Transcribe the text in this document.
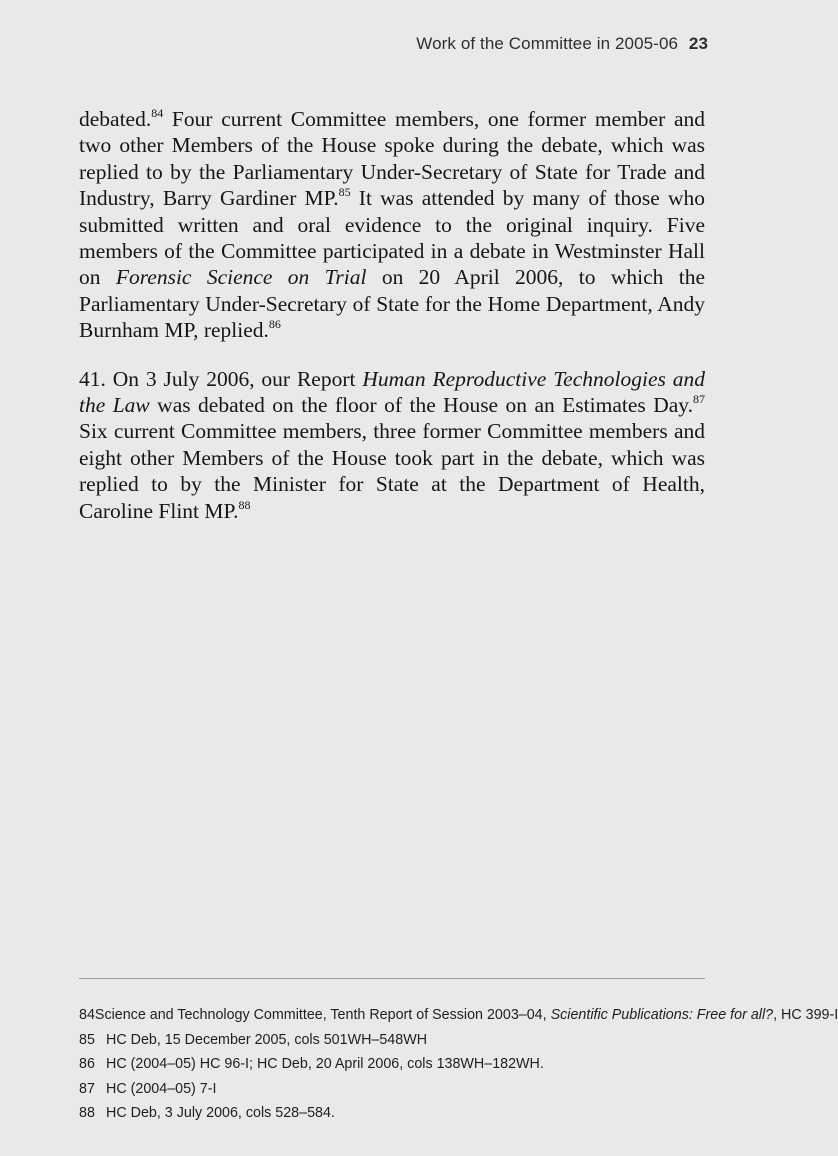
Work of the Committee in 2005-06 23

debated.$^{84}$ Four current Committee members, one former member and two other Members of the House spoke during the debate, which was replied to by the Parliamentary Under-Secretary of State for Trade and Industry, Barry Gardiner MP.$^{85}$ It was attended by many of those who submitted written and oral evidence to the original inquiry. Five members of the Committee participated in a debate in Westminster Hall on Forensic Science on Trial on 20 April 2006, to which the Parliamentary Under-Secretary of State for the Home Department, Andy Burnham MP, replied.$^{86}$

41. On 3 July 2006, our Report Human Reproductive Technologies and the Law was debated on the floor of the House on an Estimates Day.$^{87}$ Six current Committee members, three former Committee members and eight other Members of the House took part in the debate, which was replied to by the Minister for State at the Department of Health, Caroline Flint MP.$^{88}$

84 Science and Technology Committee, Tenth Report of Session 2003–04, Scientific Publications: Free for all?, HC 399-I
85 HC Deb, 15 December 2005, cols 501WH–548WH
86 HC (2004–05) HC 96-I; HC Deb, 20 April 2006, cols 138WH–182WH.
87 HC (2004–05) 7-I
88 HC Deb, 3 July 2006, cols 528–584.
